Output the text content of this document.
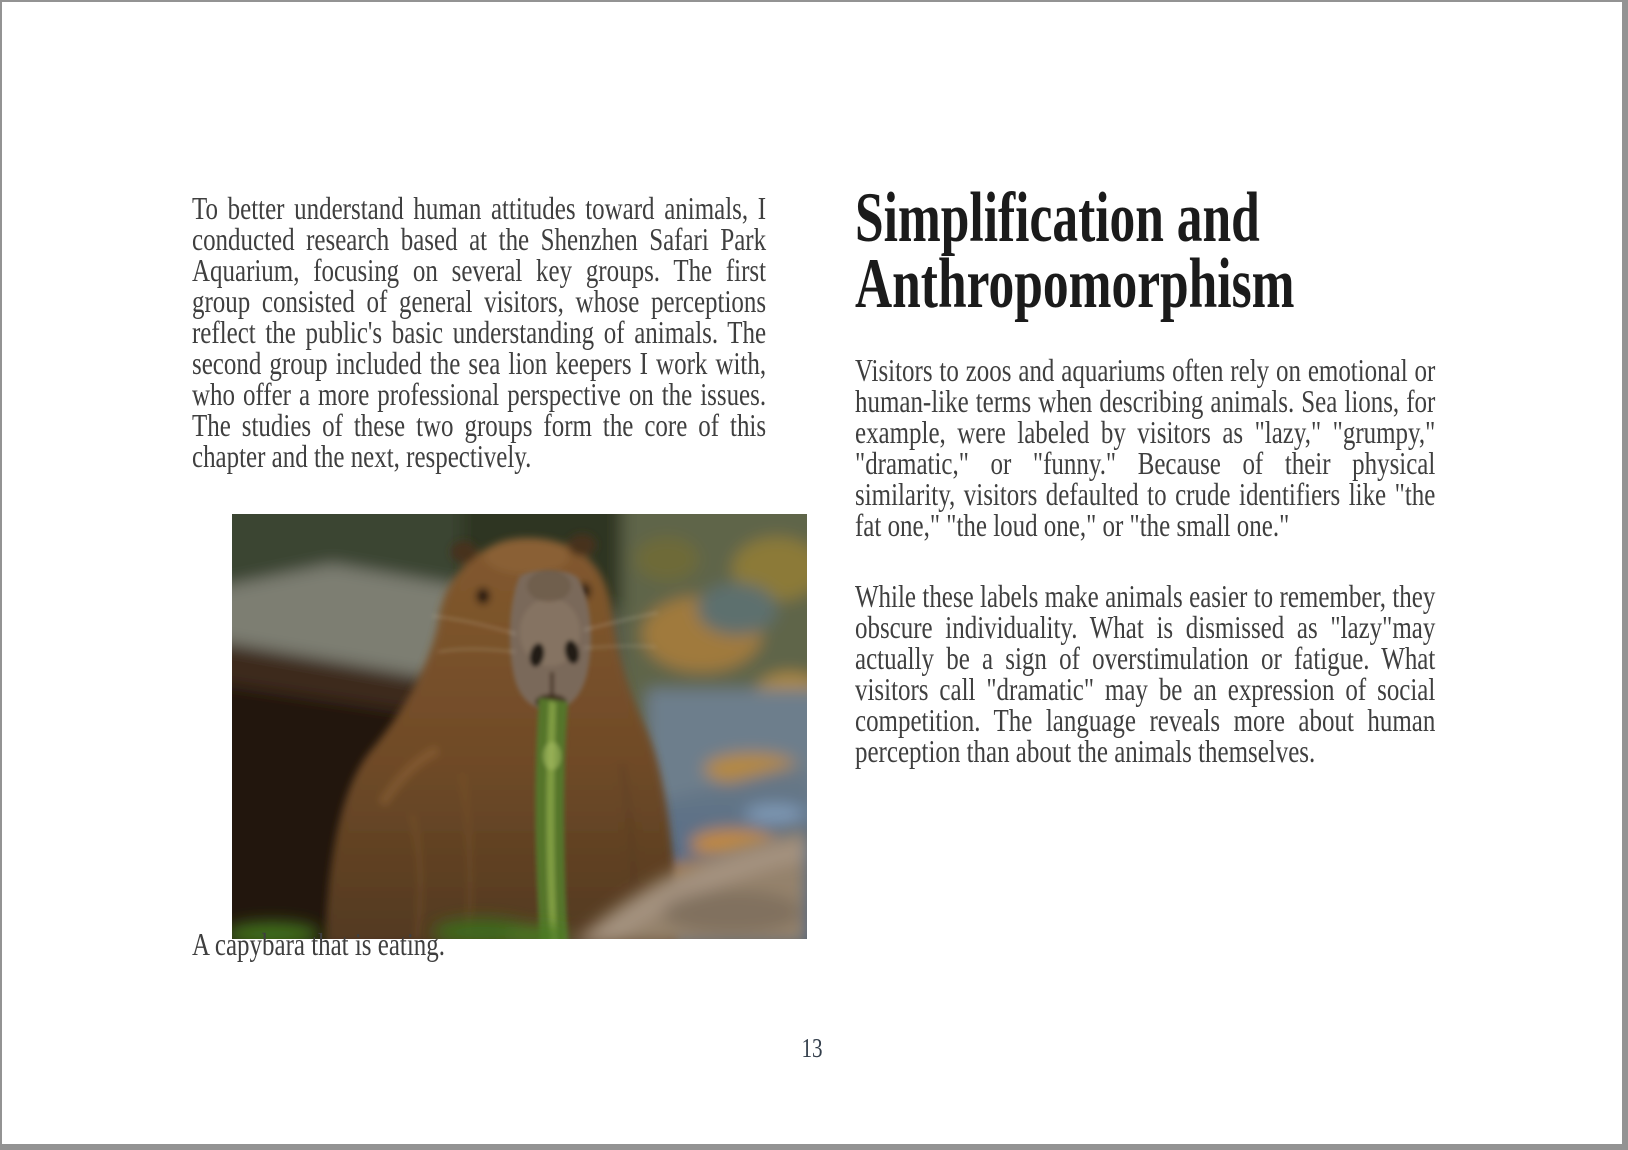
To better understand human attitudes toward animals, I conducted research based at the Shenzhen Safari Park Aquarium, focusing on several key groups. The first group consisted of general visitors, whose perceptions reflect the public's basic understanding of animals. The second group included the sea lion keepers I work with, who offer a more professional perspective on the issues. The studies of these two groups form the core of this chapter and the next, respectively.

A capybara that is eating.
Simplification and Anthropomorphism

Visitors to zoos and aquariums often rely on emotional or human-like terms when describing animals. Sea lions, for example, were labeled by visitors as "lazy," "grumpy," "dramatic," or "funny." Because of their physical similarity, visitors defaulted to crude identifiers like "the fat one," "the loud one," or "the small one."

While these labels make animals easier to remember, they obscure individuality. What is dismissed as "lazy"may actually be a sign of overstimulation or fatigue. What visitors call "dramatic" may be an expression of social competition. The language reveals more about human perception than about the animals themselves.

13
